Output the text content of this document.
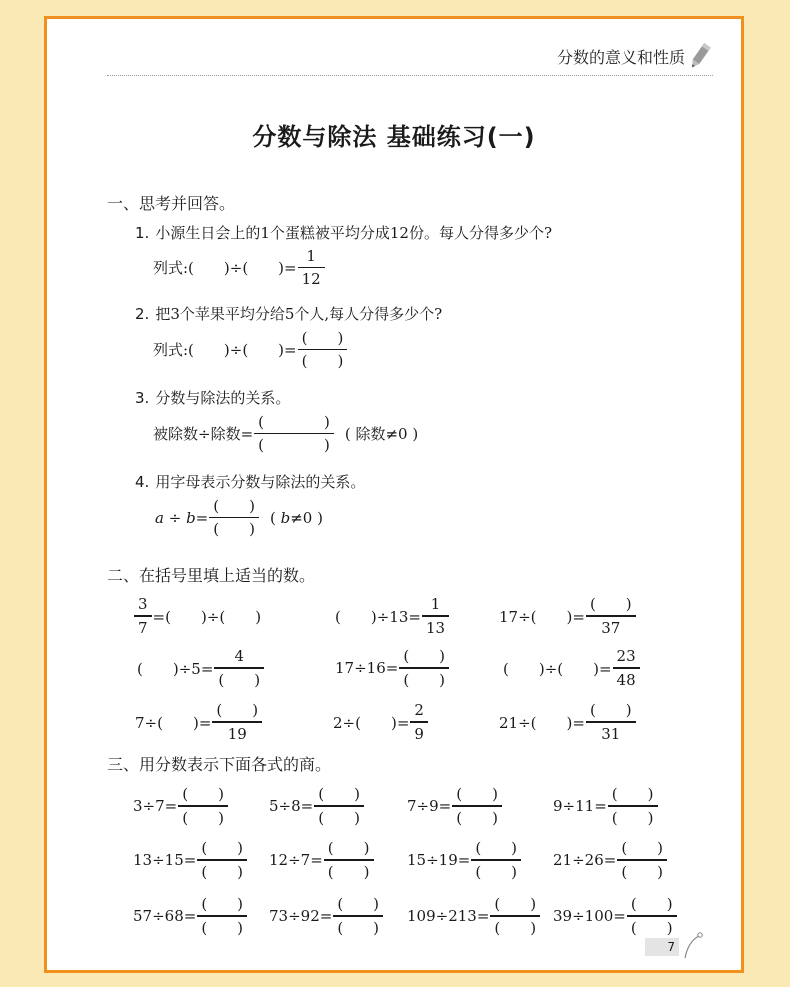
分数的意义和性质
分数与除法 基础练习(一)
一、思考并回答。
1. 小源生日会上的1个蛋糕被平均分成12份。每人分得多少个?
列式:(　　)÷(　　)= $\frac{1}{12}$
2. 把3个苹果平均分给5个人,每人分得多少个?
列式:(　　)÷(　　)= $\frac{( )}{( )}$
3. 分数与除法的关系。
被除数÷除数= $\frac{( )}{( )}$ ( 除数≠0 )
4. 用字母表示分数与除法的关系。
$a \div b = \frac{( )}{( )}$ ( b ≠0 )
二、在括号里填上适当的数。
$\frac{3}{7}$ =(　　)÷(　　)	(　　)$\div 13= \frac{1}{13}$	17÷(　　)= $\frac{( )}{37}$
(　　)$\div 5= \frac{4}{( )}$	$17\div 16= \frac{( )}{( )}$	(　　)÷(　　)= $\frac{23}{48}$
7÷(　　)= $\frac{( )}{19}$	2÷(　　)= $\frac{2}{9}$	21÷(　　)= $\frac{( )}{31}$
三、用分数表示下面各式的商。
$3\div 7= \frac{( )}{( )}$	$5\div 8= \frac{( )}{( )}$	$7\div 9= \frac{( )}{( )}$	$9\div 11= \frac{( )}{( )}$
$13\div 15= \frac{( )}{( )} 12\div 7= \frac{( )}{( )} 15\div 19= \frac{( )}{( )} 21\div 26= \frac{( )}{( )}$
$57\div 68= \frac{( )}{( )} 73\div 92= \frac{( )}{( )} 109\div 213= \frac{( )}{( )} 39\div 100= \frac{( )}{( )}$
7
